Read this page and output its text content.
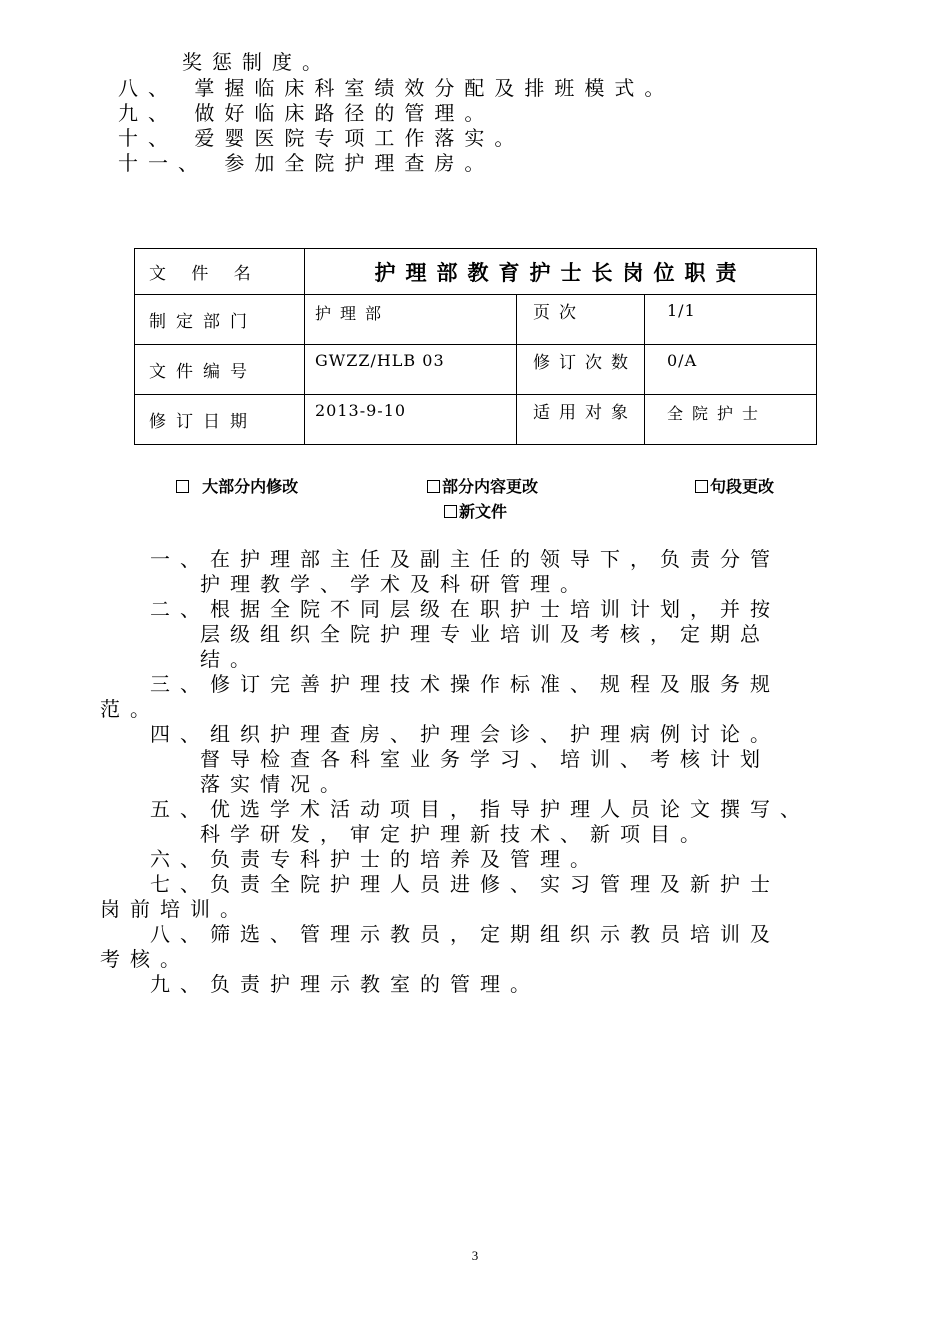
奖惩制度。
八、 掌握临床科室绩效分配及排班模式。
九、 做好临床路径的管理。
十、 爱婴医院专项工作落实。
十一、 参加全院护理查房。
文 件 名	护理部教育护士长岗位职责		
制定部门	护理部	页次	1/1
文件编号	GWZZ/HLB 03	修订次数	0/A
修订日期	2013-9-10	适用对象	全院护士
大部分内修改	部分内容更改	句段更改
新文件
一、在护理部主任及副主任的领导下，负责分管
护理教学、学术及科研管理。
二、根据全院不同层级在职护士培训计划，并按
层级组织全院护理专业培训及考核，定期总
结。
三、修订完善护理技术操作标准、规程及服务规
范。
四、组织护理查房、护理会诊、护理病例讨论。
督导检查各科室业务学习、培训、考核计划
落实情况。
五、优选学术活动项目，指导护理人员论文撰写、
科学研发，审定护理新技术、新项目。
六、负责专科护士的培养及管理。
七、负责全院护理人员进修、实习管理及新护士
岗前培训。
八、筛选、管理示教员，定期组织示教员培训及
考核。
九、负责护理示教室的管理。
3
